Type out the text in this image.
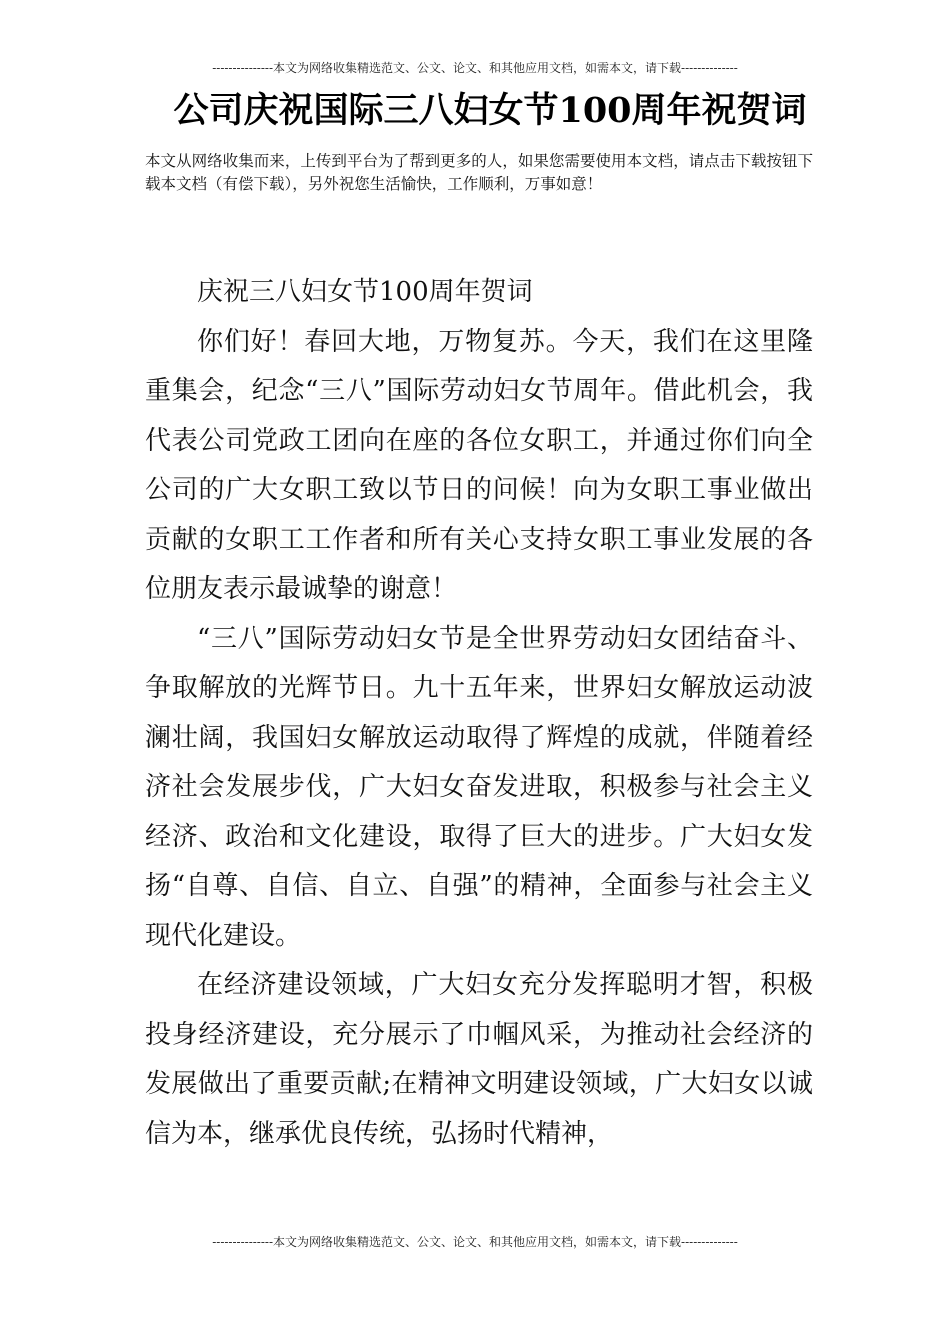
---------------本文为网络收集精选范文、公文、论文、和其他应用文档，如需本文，请下载--------------
公司庆祝国际三八妇女节100周年祝贺词

本文从网络收集而来，上传到平台为了帮到更多的人，如果您需要使用本文档，请点击下载按钮下载本文档（有偿下载），另外祝您生活愉快，工作顺利，万事如意！

庆祝三八妇女节100周年贺词

你们好！春回大地，万物复苏。今天，我们在这里隆重集会，纪念“三八”国际劳动妇女节周年。借此机会，我代表公司党政工团向在座的各位女职工，并通过你们向全公司的广大女职工致以节日的问候！向为女职工事业做出贡献的女职工工作者和所有关心支持女职工事业发展的各位朋友表示最诚挚的谢意！

“三八”国际劳动妇女节是全世界劳动妇女团结奋斗、争取解放的光辉节日。九十五年来，世界妇女解放运动波澜壮阔，我国妇女解放运动取得了辉煌的成就，伴随着经济社会发展步伐，广大妇女奋发进取，积极参与社会主义经济、政治和文化建设，取得了巨大的进步。广大妇女发扬“自尊、自信、自立、自强”的精神，全面参与社会主义现代化建设。

在经济建设领域，广大妇女充分发挥聪明才智，积极投身经济建设，充分展示了巾帼风采，为推动社会经济的发展做出了重要贡献;在精神文明建设领域，广大妇女以诚信为本，继承优良传统，弘扬时代精神，

---------------本文为网络收集精选范文、公文、论文、和其他应用文档，如需本文，请下载--------------
